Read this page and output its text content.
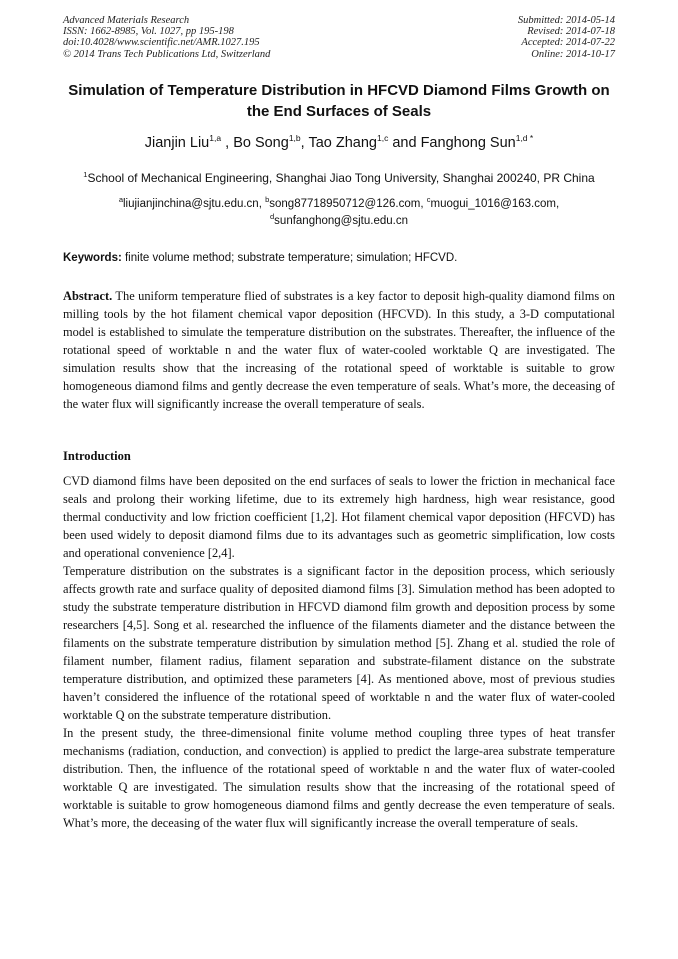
Advanced Materials Research
ISSN: 1662-8985, Vol. 1027, pp 195-198
doi:10.4028/www.scientific.net/AMR.1027.195
© 2014 Trans Tech Publications Ltd, Switzerland
Submitted: 2014-05-14
Revised: 2014-07-18
Accepted: 2014-07-22
Online: 2014-10-17
Simulation of Temperature Distribution in HFCVD Diamond Films Growth on the End Surfaces of Seals
Jianjin Liu$^{1,a}$ , Bo Song$^{1,b}$, Tao Zhang$^{1,c}$ and Fanghong Sun$^{1,d *}$
$^1$School of Mechanical Engineering, Shanghai Jiao Tong University, Shanghai 200240, PR China
$^a$liujianjinchina@sjtu.edu.cn, $^b$song87718950712@126.com, $^c$muogui_1016@163.com,
$^d$sunfanghong@sjtu.edu.cn
Keywords: finite volume method; substrate temperature; simulation; HFCVD.

Abstract. The uniform temperature flied of substrates is a key factor to deposit high-quality diamond films on milling tools by the hot filament chemical vapor deposition (HFCVD). In this study, a 3-D computational model is established to simulate the temperature distribution on the substrates. Thereafter, the influence of the rotational speed of worktable n and the water flux of water-cooled worktable Q are investigated. The simulation results show that the increasing of the rotational speed of worktable is suitable to grow homogeneous diamond films and gently decrease the even temperature of seals. What’s more, the deceasing of the water flux will significantly increase the overall temperature of seals.

Introduction

CVD diamond films have been deposited on the end surfaces of seals to lower the friction in mechanical face seals and prolong their working lifetime, due to its extremely high hardness, high wear resistance, good thermal conductivity and low friction coefficient [1,2]. Hot filament chemical vapor deposition (HFCVD) has been used widely to deposit diamond films due to its advantages such as geometric simplification, low costs and operational convenience [2,4].

Temperature distribution on the substrates is a significant factor in the deposition process, which seriously affects growth rate and surface quality of deposited diamond films [3]. Simulation method has been adopted to study the substrate temperature distribution in HFCVD diamond film growth and deposition process by some researchers [4,5]. Song et al. researched the influence of the filaments diameter and the distance between the filaments on the substrate temperature distribution by simulation method [5]. Zhang et al. studied the role of filament number, filament radius, filament separation and substrate-filament distance on the substrate temperature distribution, and optimized these parameters [4]. As mentioned above, most of previous studies haven’t considered the influence of the rotational speed of worktable n and the water flux of water-cooled worktable Q on the substrate temperature distribution.

In the present study, the three-dimensional finite volume method coupling three types of heat transfer mechanisms (radiation, conduction, and convection) is applied to predict the large-area substrate temperature distribution. Then, the influence of the rotational speed of worktable n and the water flux of water-cooled worktable Q are investigated. The simulation results show that the increasing of the rotational speed of worktable is suitable to grow homogeneous diamond films and gently decrease the even temperature of seals. What’s more, the deceasing of the water flux will significantly increase the overall temperature of seals.
